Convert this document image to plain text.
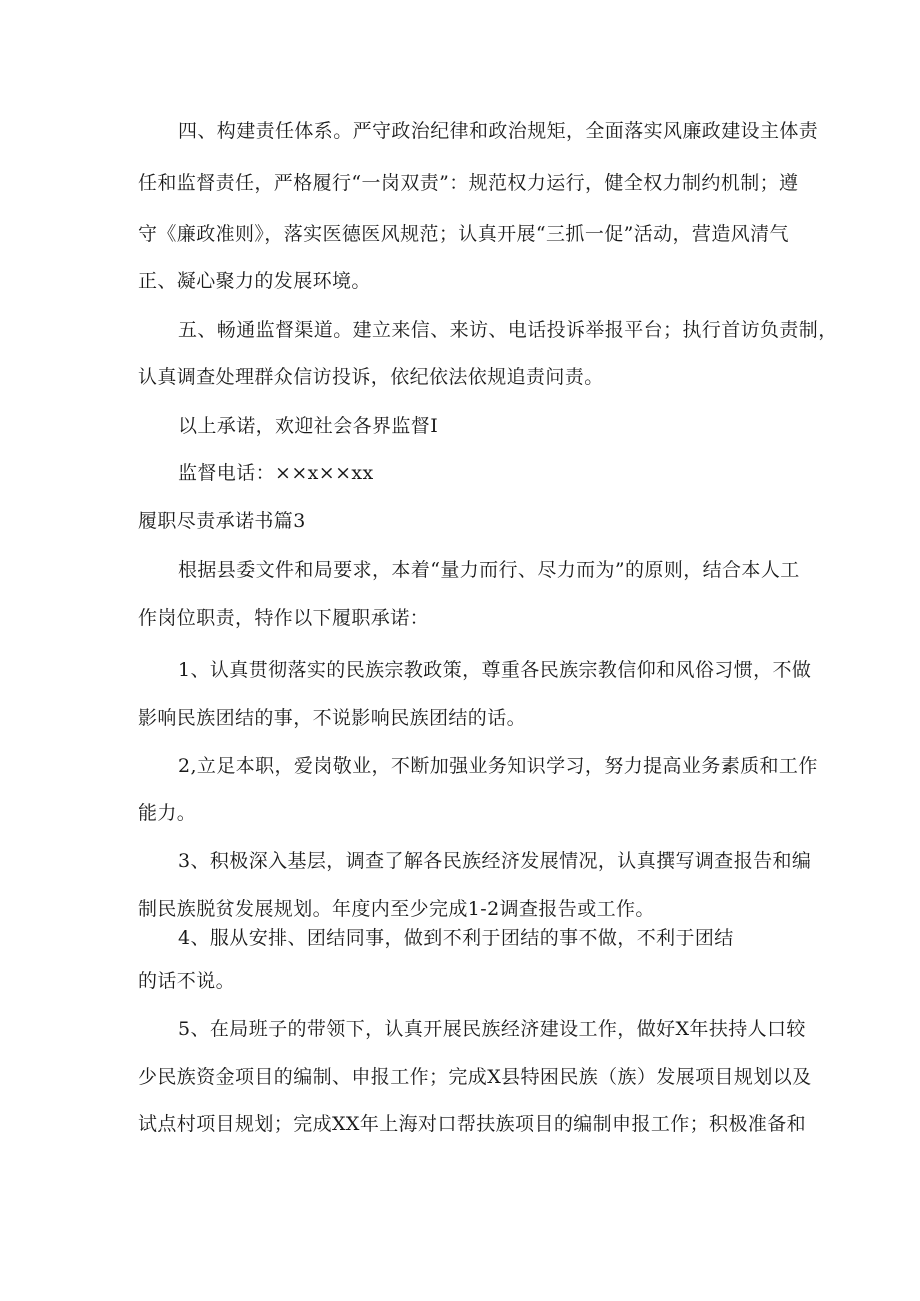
四、构建责任体系。严守政治纪律和政治规矩，全面落实风廉政建设主体责
任和监督责任，严格履行“一岗双责”：规范权力运行，健全权力制约机制；遵
守《廉政准则》，落实医德医风规范；认真开展“三抓一促”活动，营造风清气
正、凝心聚力的发展环境。
五、畅通监督渠道。建立来信、来访、电话投诉举报平台；执行首访负责制，
认真调查处理群众信访投诉，依纪依法依规追责问责。
以上承诺，欢迎社会各界监督I
监督电话：××x××xx
履职尽责承诺书篇3
根据县委文件和局要求，本着“量力而行、尽力而为”的原则，结合本人工
作岗位职责，特作以下履职承诺：
1、认真贯彻落实的民族宗教政策，尊重各民族宗教信仰和风俗习惯，不做
影响民族团结的事，不说影响民族团结的话。
2,立足本职，爱岗敬业，不断加强业务知识学习，努力提高业务素质和工作
能力。
3、积极深入基层，调查了解各民族经济发展情况，认真撰写调查报告和编
制民族脱贫发展规划。年度内至少完成1-2调查报告或工作。
4、服从安排、团结同事，做到不利于团结的事不做，不利于团结
的话不说。
5、在局班子的带领下，认真开展民族经济建设工作，做好X年扶持人口较
少民族资金项目的编制、申报工作；完成X县特困民族（族）发展项目规划以及
试点村项目规划；完成XX年上海对口帮扶族项目的编制申报工作；积极准备和
